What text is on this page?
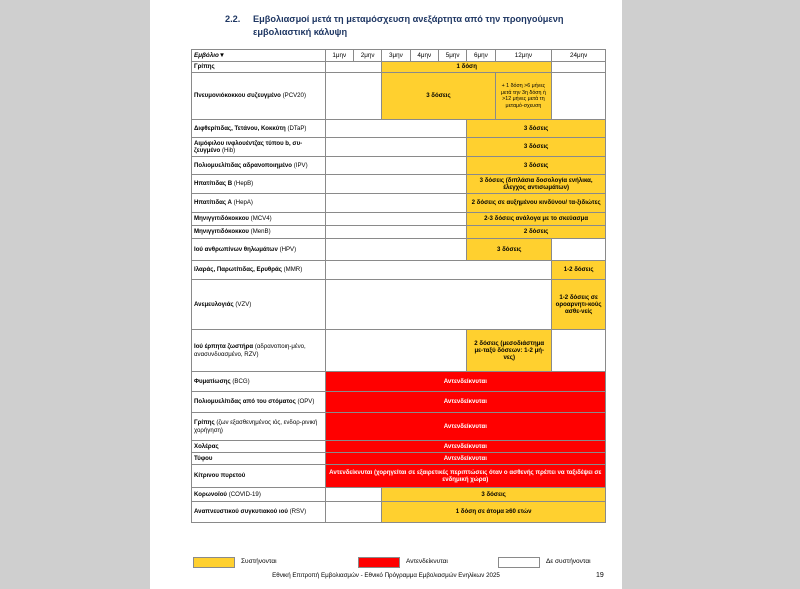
2.2. Εμβολιασμοί μετά τη μεταμόσχευση ανεξάρτητα από την προηγούμενη εμβολιαστική κάλυψη
Εμβόλιο▼	1μην	2μην	3μην	4μην	5μην	6μην	12μην	24μην
Γρίπης			1 δόση					
Πνευμονιόκοκκου συζευγμένο (PCV20)			3 δόσεις				+ 1 δόση >6 μήνες μετά την 3η δόση ή >12 μήνες μετά τη μεταμό-σχευση	
Διφθερίτιδας, Τετάνου, Κοκκύτη (DTaP)						3 δόσεις		
Αιμόφιλου ινφλουέντζας τύπου b, συ-ζευγμένο (Hib)						3 δόσεις		
Πολιομυελίτιδας αδρανοποιημένο (IPV)						3 δόσεις		
Ηπατίτιδας Β (HepB)						3 δόσεις (διπλάσια δοσολογία ενήλικα, έλεγχος αντισωμάτων)		
Ηπατίτιδας Α (HepA)						2 δόσεις σε αυξημένου κινδύνου/ τα-ξιδιώτες		
Μηνιγγιτιδόκοκκου (MCV4)						2-3 δόσεις ανάλογα με το σκεύασμα		
Μηνιγγιτιδόκοκκου (MenB)						2 δόσεις		
Ιού ανθρωπίνων θηλωμάτων (HPV)						3 δόσεις		
Ιλαράς, Παρωτίτιδας, Ερυθράς (MMR)								1-2 δόσεις
Ανεμευλογιάς (VZV)								1-2 δόσεις σε οροαρνητι-κούς ασθε-νείς
Ιού έρπητα ζωστήρα (αδρανοποιη-μένο, ανασυνδυασμένο, RZV)						2 δόσεις (μεσοδιάστημα με-ταξύ δόσεων: 1-2 μή-νες)		
Φυματίωσης (BCG)	Αντενδείκνυται							
Πολιομυελίτιδας από του στόματος (OPV)	Αντενδείκνυται							
Γρίπης (ζων εξασθενημένος ιός, ενδορ-ρινική χορήγηση)	Αντενδείκνυται							
Χολέρας	Αντενδείκνυται							
Τύφου	Αντενδείκνυται							
Κίτρινου πυρετού	Αντενδείκνυται (χορηγείται σε εξαιρετικές περιπτώσεις όταν ο ασθενής πρέπει να ταξιδέψει σε ενδημική χώρα)							
Κορωνοϊού (COVID-19)			3 δόσεις					
Αναπνευστικού συγκυτιακού ιού (RSV)			1 δόση σε άτομα ≥60 ετών					
Συστήνονται	Αντενδείκνυται	Δε συστήνονται
Εθνική Επιτροπή Εμβολιασμών - Εθνικό Πρόγραμμα Εμβολιασμών Ενηλίκων 2025	19
